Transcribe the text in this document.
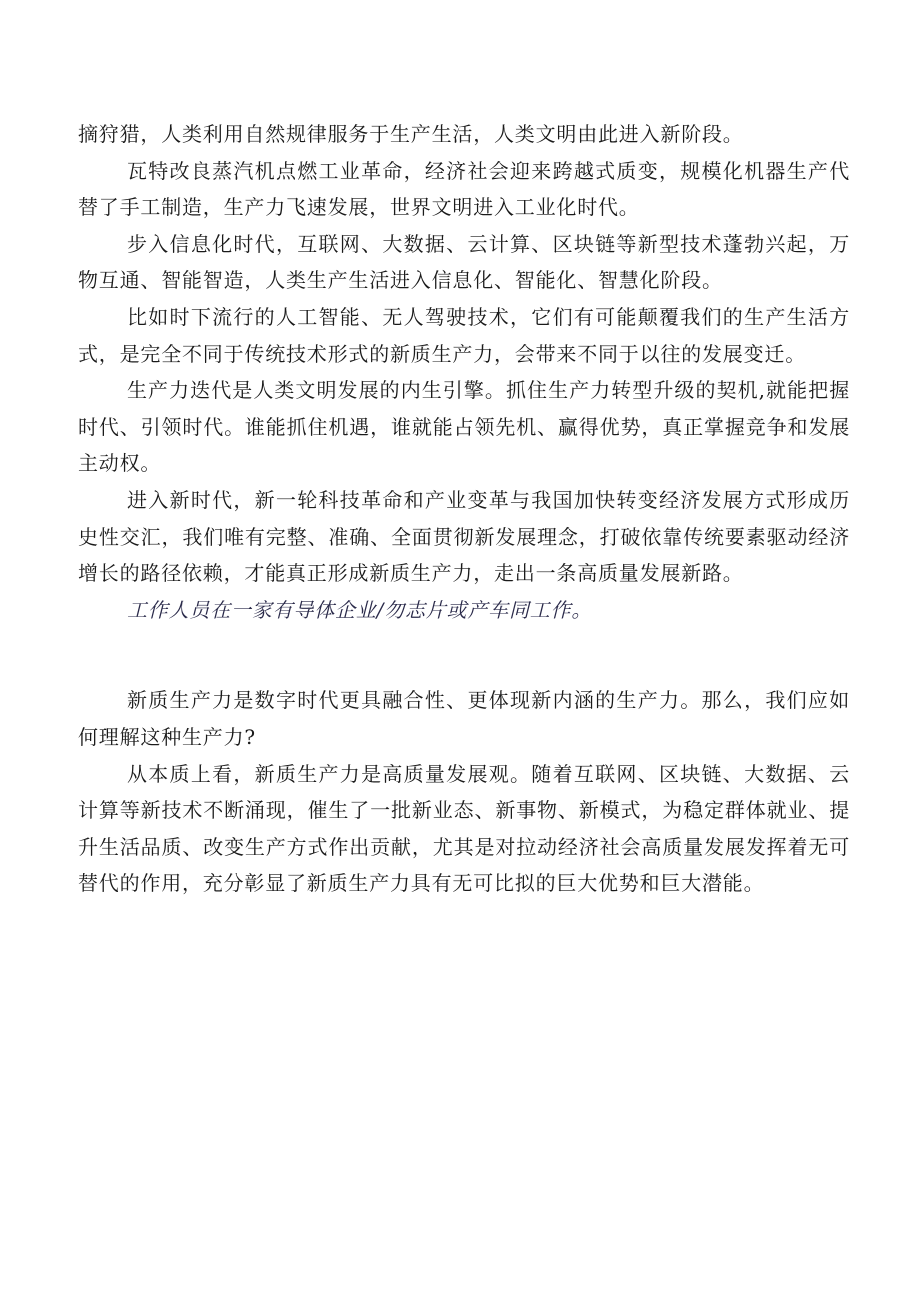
摘狩猎，人类利用自然规律服务于生产生活，人类文明由此进入新阶段。

瓦特改良蒸汽机点燃工业革命，经济社会迎来跨越式质变，规模化机器生产代替了手工制造，生产力飞速发展，世界文明进入工业化时代。

步入信息化时代，互联网、大数据、云计算、区块链等新型技术蓬勃兴起，万物互通、智能智造，人类生产生活进入信息化、智能化、智慧化阶段。

比如时下流行的人工智能、无人驾驶技术，它们有可能颠覆我们的生产生活方式，是完全不同于传统技术形式的新质生产力，会带来不同于以往的发展变迁。

生产力迭代是人类文明发展的内生引擎。抓住生产力转型升级的契机,就能把握时代、引领时代。谁能抓住机遇，谁就能占领先机、赢得优势，真正掌握竞争和发展主动权。

进入新时代，新一轮科技革命和产业变革与我国加快转变经济发展方式形成历史性交汇，我们唯有完整、准确、全面贯彻新发展理念，打破依靠传统要素驱动经济增长的路径依赖，才能真正形成新质生产力，走出一条高质量发展新路。

工作人员在一家有导体企业/勿志片或产车同工作。

新质生产力是数字时代更具融合性、更体现新内涵的生产力。那么，我们应如何理解这种生产力?

从本质上看，新质生产力是高质量发展观。随着互联网、区块链、大数据、云计算等新技术不断涌现，催生了一批新业态、新事物、新模式，为稳定群体就业、提升生活品质、改变生产方式作出贡献，尤其是对拉动经济社会高质量发展发挥着无可替代的作用，充分彰显了新质生产力具有无可比拟的巨大优势和巨大潜能。
